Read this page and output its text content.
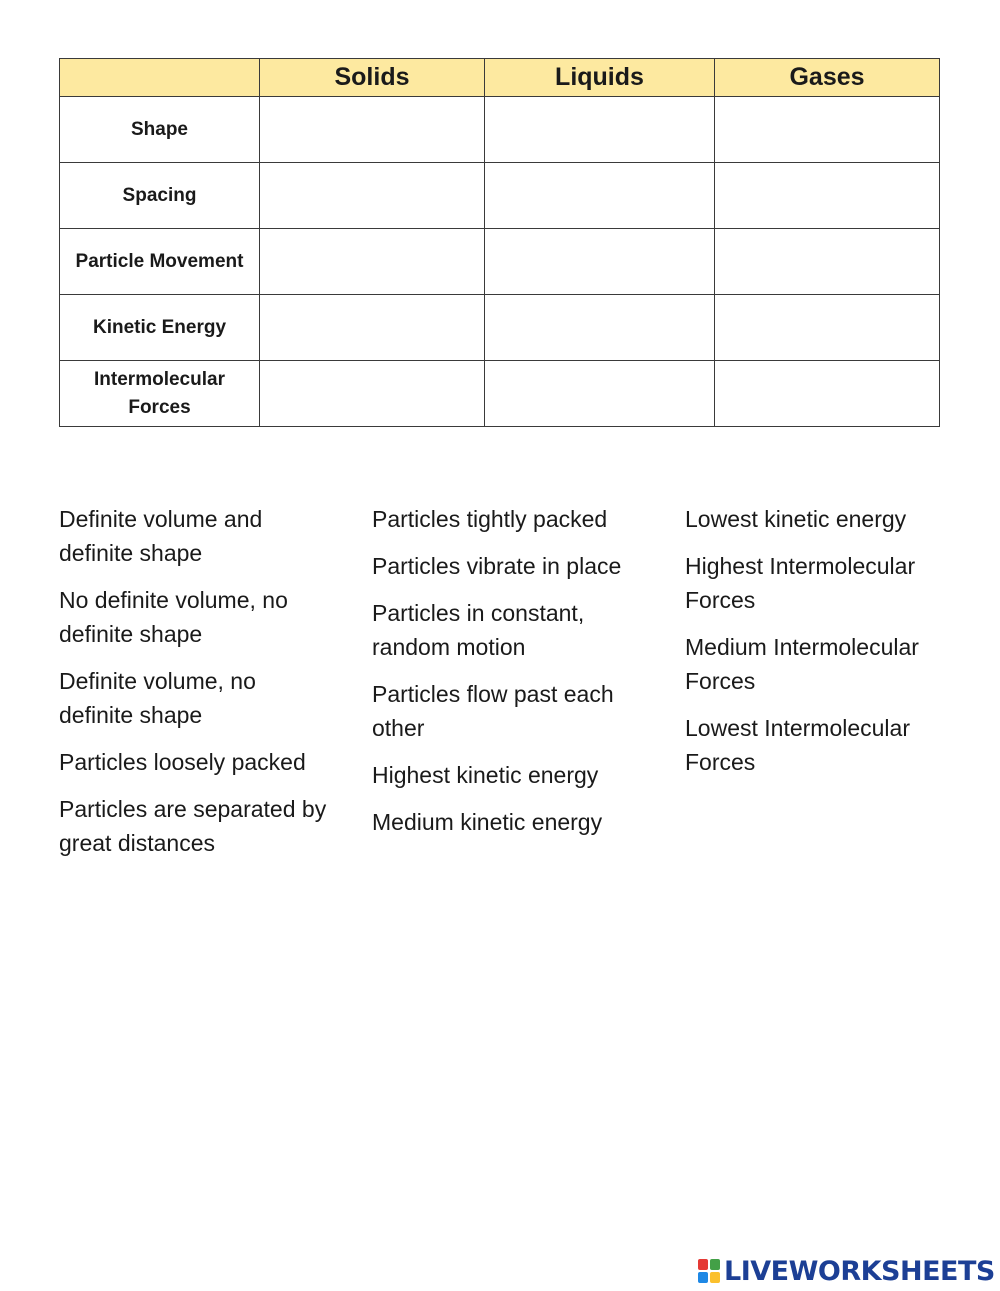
	Solids	Liquids	Gases
Shape			
Spacing			
Particle Movement			
Kinetic Energy			
Intermolecular Forces			

Definite volume and definite shape

No definite volume, no definite shape

Definite volume, no definite shape

Particles loosely packed

Particles are separated by great distances

Particles tightly packed

Particles vibrate in place

Particles in constant, random motion

Particles flow past each other

Highest kinetic energy

Medium kinetic energy

Lowest kinetic energy

Highest Intermolecular Forces

Medium Intermolecular Forces

Lowest Intermolecular Forces

LIVEWORKSHEETS
